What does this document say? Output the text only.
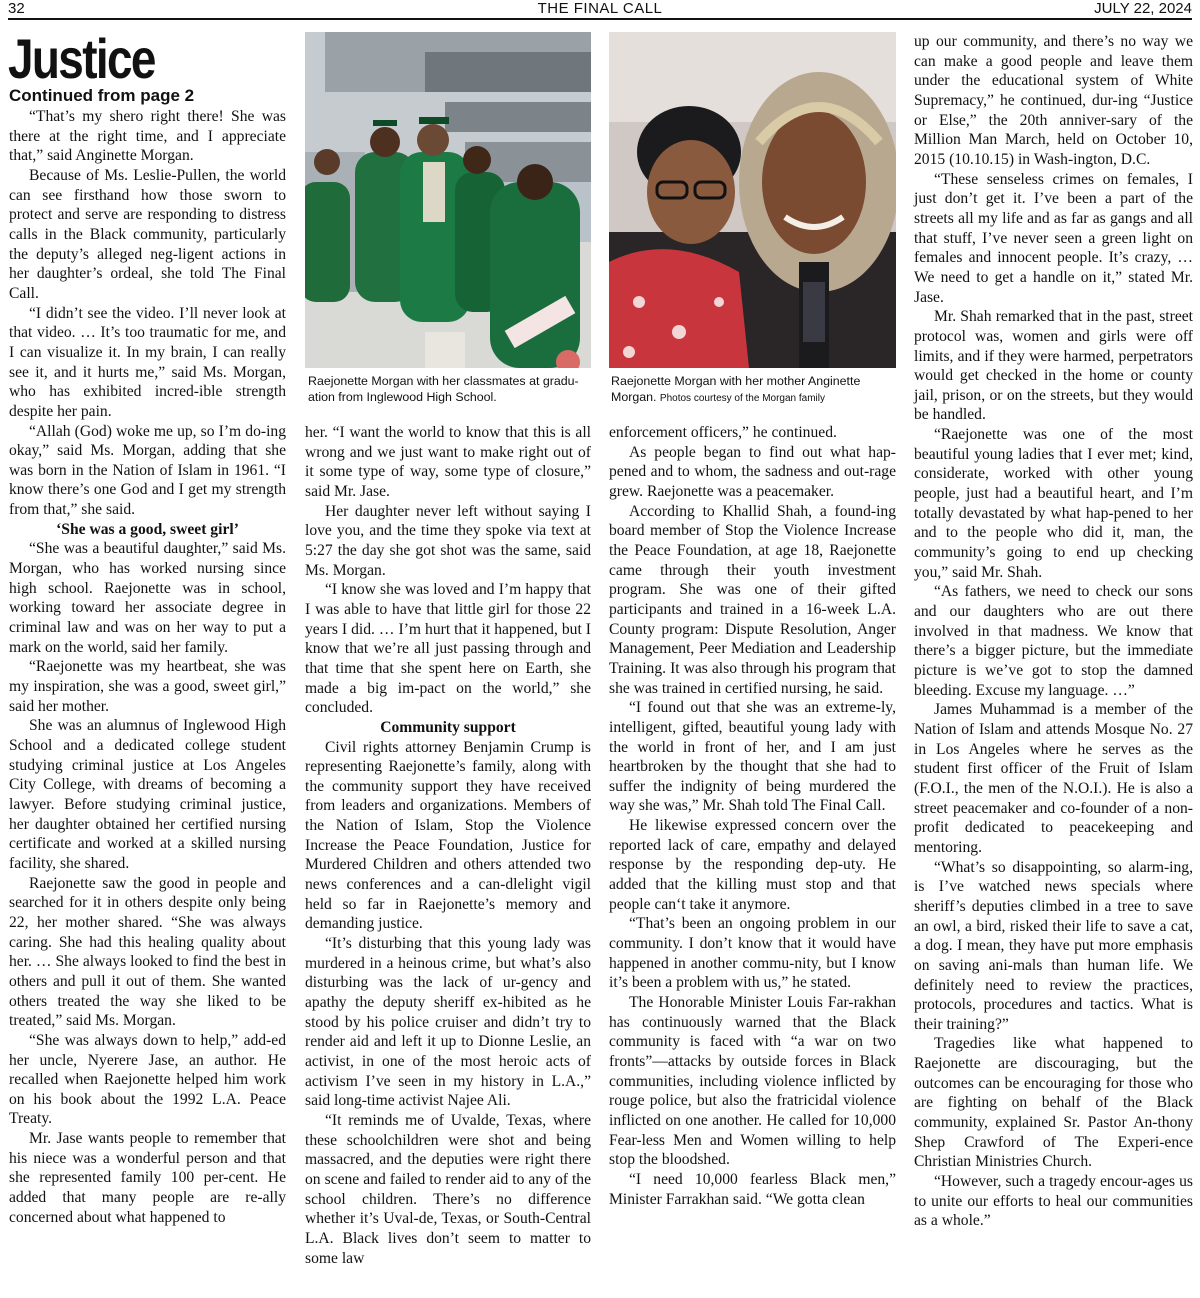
32	THE FINAL CALL	JULY 22, 2024
Justice
Continued from page 2

“That’s my shero right there! She was there at the right time, and I appreciate that,” said Anginette Morgan.

Because of Ms. Leslie-Pullen, the world can see firsthand how those sworn to protect and serve are responding to distress calls in the Black community, particularly the deputy’s alleged neg-ligent actions in her daughter’s ordeal, she told The Final Call.

“I didn’t see the video. I’ll never look at that video. … It’s too traumatic for me, and I can visualize it. In my brain, I can really see it, and it hurts me,” said Ms. Morgan, who has exhibited incred-ible strength despite her pain.

“Allah (God) woke me up, so I’m do-ing okay,” said Ms. Morgan, adding that she was born in the Nation of Islam in 1961. “I know there’s one God and I get my strength from that,” she said.

‘She was a good, sweet girl’

“She was a beautiful daughter,” said Ms. Morgan, who has worked nursing since high school. Raejonette was in school, working toward her associate degree in criminal law and was on her way to put a mark on the world, said her family.

“Raejonette was my heartbeat, she was my inspiration, she was a good, sweet girl,” said her mother.

She was an alumnus of Inglewood High School and a dedicated college student studying criminal justice at Los Angeles City College, with dreams of becoming a lawyer. Before studying criminal justice, her daughter obtained her certified nursing certificate and worked at a skilled nursing facility, she shared.

Raejonette saw the good in people and searched for it in others despite only being 22, her mother shared. “She was always caring. She had this healing quality about her. … She always looked to find the best in others and pull it out of them. She wanted others treated the way she liked to be treated,” said Ms. Morgan.

“She was always down to help,” add-ed her uncle, Nyerere Jase, an author. He recalled when Raejonette helped him work on his book about the 1992 L.A. Peace Treaty.

Mr. Jase wants people to remember that his niece was a wonderful person and that she represented family 100 per-cent. He added that many people are re-ally concerned about what happened to

Raejonette Morgan with her classmates at gradu-ation from Inglewood High School.
Raejonette Morgan with her mother Anginette Morgan. Photos courtesy of the Morgan family

her. “I want the world to know that this is all wrong and we just want to make right out of it some type of way, some type of closure,” said Mr. Jase.

Her daughter never left without saying I love you, and the time they spoke via text at 5:27 the day she got shot was the same, said Ms. Morgan.

“I know she was loved and I’m happy that I was able to have that little girl for those 22 years I did. … I’m hurt that it happened, but I know that we’re all just passing through and that time that she spent here on Earth, she made a big im-pact on the world,” she concluded.

Community support

Civil rights attorney Benjamin Crump is representing Raejonette’s family, along with the community support they have received from leaders and organizations. Members of the Nation of Islam, Stop the Violence Increase the Peace Foundation, Justice for Murdered Children and others attended two news conferences and a can-dlelight vigil held so far in Raejonette’s memory and demanding justice.

“It’s disturbing that this young lady was murdered in a heinous crime, but what’s also disturbing was the lack of ur-gency and apathy the deputy sheriff ex-hibited as he stood by his police cruiser and didn’t try to render aid and left it up to Dionne Leslie, an activist, in one of the most heroic acts of activism I’ve seen in my history in L.A.,” said long-time activist Najee Ali.

“It reminds me of Uvalde, Texas, where these schoolchildren were shot and being massacred, and the deputies were right there on scene and failed to render aid to any of the school children. There’s no difference whether it’s Uval-de, Texas, or South-Central L.A. Black lives don’t seem to matter to some law

enforcement officers,” he continued.

As people began to find out what hap-pened and to whom, the sadness and out-rage grew. Raejonette was a peacemaker.

According to Khallid Shah, a found-ing board member of Stop the Violence Increase the Peace Foundation, at age 18, Raejonette came through their youth investment program. She was one of their gifted participants and trained in a 16-week L.A. County program: Dispute Resolution, Anger Management, Peer Mediation and Leadership Training. It was also through his program that she was trained in certified nursing, he said.

“I found out that she was an extreme-ly, intelligent, gifted, beautiful young lady with the world in front of her, and I am just heartbroken by the thought that she had to suffer the indignity of being murdered the way she was,” Mr. Shah told The Final Call.

He likewise expressed concern over the reported lack of care, empathy and delayed response by the responding dep-uty. He added that the killing must stop and that people can‘t take it anymore.

“That’s been an ongoing problem in our community. I don’t know that it would have happened in another commu-nity, but I know it’s been a problem with us,” he stated.

The Honorable Minister Louis Far-rakhan has continuously warned that the Black community is faced with “a war on two fronts”—attacks by outside forces in Black communities, including violence inflicted by rouge police, but also the fratricidal violence inflicted on one another. He called for 10,000 Fear-less Men and Women willing to help stop the bloodshed.

“I need 10,000 fearless Black men,” Minister Farrakhan said. “We gotta clean

up our community, and there’s no way we can make a good people and leave them under the educational system of White Supremacy,” he continued, dur-ing “Justice or Else,” the 20th anniver-sary of the Million Man March, held on October 10, 2015 (10.10.15) in Wash-ington, D.C.

“These senseless crimes on females, I just don’t get it. I’ve been a part of the streets all my life and as far as gangs and all that stuff, I’ve never seen a green light on females and innocent people. It’s crazy, … We need to get a handle on it,” stated Mr. Jase.

Mr. Shah remarked that in the past, street protocol was, women and girls were off limits, and if they were harmed, perpetrators would get checked in the home or county jail, prison, or on the streets, but they would be handled.

“Raejonette was one of the most beautiful young ladies that I ever met; kind, considerate, worked with other young people, just had a beautiful heart, and I’m totally devastated by what hap-pened to her and to the people who did it, man, the community’s going to end up checking you,” said Mr. Shah.

“As fathers, we need to check our sons and our daughters who are out there involved in that madness. We know that there’s a bigger picture, but the immediate picture is we’ve got to stop the damned bleeding. Excuse my language. …”

James Muhammad is a member of the Nation of Islam and attends Mosque No. 27 in Los Angeles where he serves as the student first officer of the Fruit of Islam (F.O.I., the men of the N.O.I.). He is also a street peacemaker and co-founder of a non-profit dedicated to peacekeeping and mentoring.

“What’s so disappointing, so alarm-ing, is I’ve watched news specials where sheriff’s deputies climbed in a tree to save an owl, a bird, risked their life to save a cat, a dog. I mean, they have put more emphasis on saving ani-mals than human life. We definitely need to review the practices, protocols, procedures and tactics. What is their training?”

Tragedies like what happened to Raejonette are discouraging, but the outcomes can be encouraging for those who are fighting on behalf of the Black community, explained Sr. Pastor An-thony Shep Crawford of The Experi-ence Christian Ministries Church.

“However, such a tragedy encour-ages us to unite our efforts to heal our communities as a whole.”
